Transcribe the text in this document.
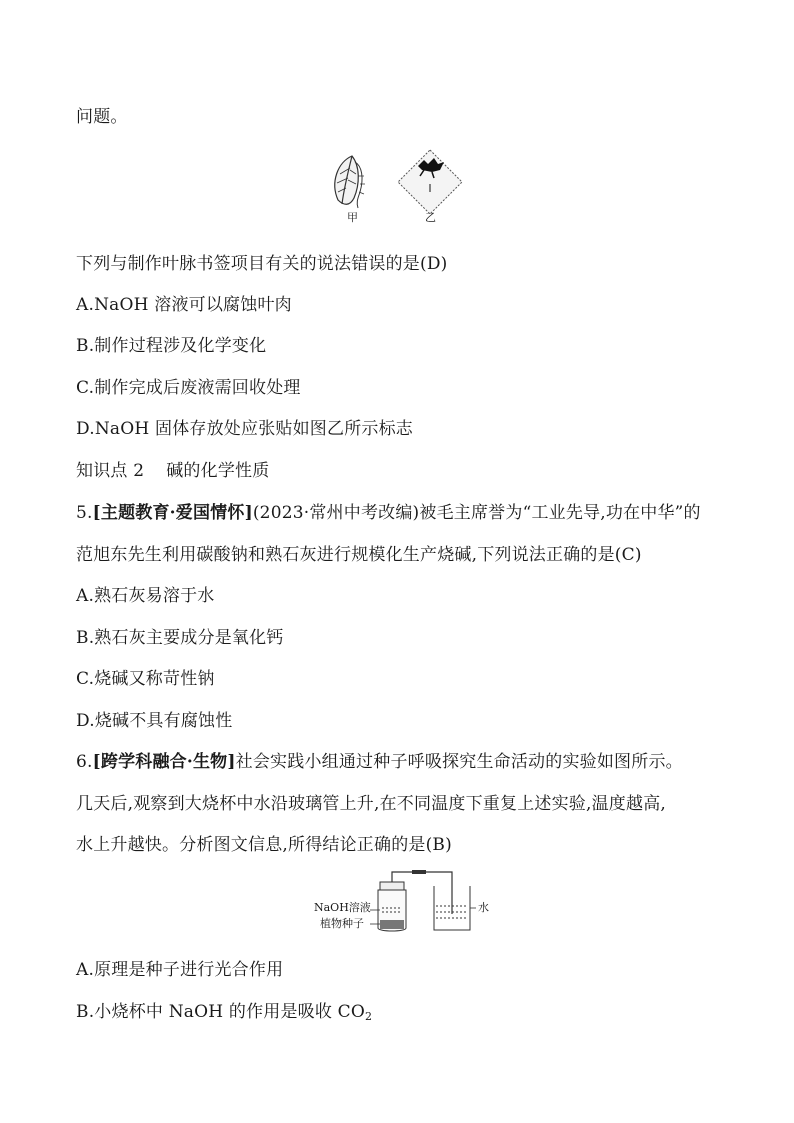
问题。
甲	乙
下列与制作叶脉书签项目有关的说法错误的是(D)
A.NaOH 溶液可以腐蚀叶肉
B.制作过程涉及化学变化
C.制作完成后废液需回收处理
D.NaOH 固体存放处应张贴如图乙所示标志
知识点 2 碱的化学性质
5.[主题教育·爱国情怀](2023·常州中考改编)被毛主席誉为“工业先导,功在中华”的
范旭东先生利用碳酸钠和熟石灰进行规模化生产烧碱,下列说法正确的是(C)
A.熟石灰易溶于水
B.熟石灰主要成分是氧化钙
C.烧碱又称苛性钠
D.烧碱不具有腐蚀性
6.[跨学科融合·生物]社会实践小组通过种子呼吸探究生命活动的实验如图所示。
几天后,观察到大烧杯中水沿玻璃管上升,在不同温度下重复上述实验,温度越高,
水上升越快。分析图文信息,所得结论正确的是(B)
NaOH溶液
植物种子
水
A.原理是种子进行光合作用
B.小烧杯中 NaOH 的作用是吸收 $CO_2$
